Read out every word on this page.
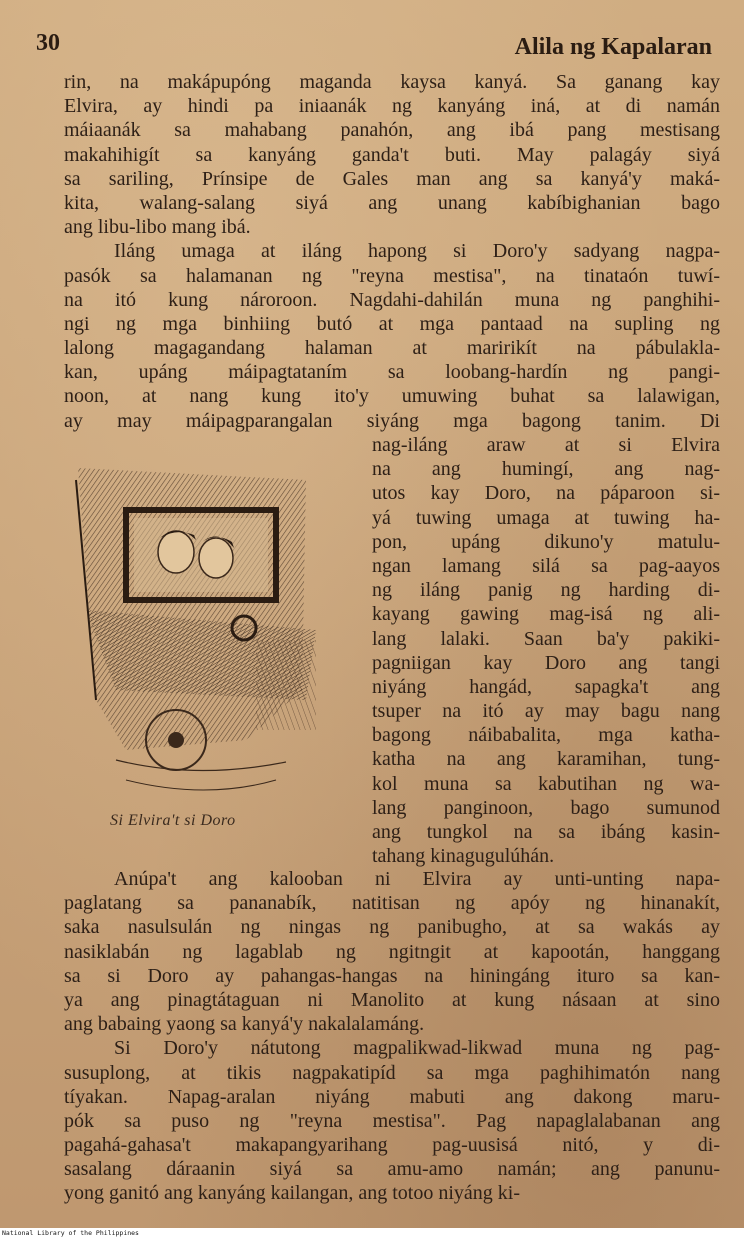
30	Alila ng Kapalaran
rin, na makápupóng maganda kaysa kanyá. Sa ganang kay
Elvira, ay hindi pa iniaanák ng kanyáng iná, at di namán
máiaanák sa mahabang panahón, ang ibá pang mestisang
makahihigít sa kanyáng ganda't buti. May palagáy siyá
sa sariling, Prínsipe de Gales man ang sa kanyá'y maká-
kita, walang-salang siyá ang unang kabíbighanian bago
ang libu-libo mang ibá.
Iláng umaga at iláng hapong si Doro'y sadyang nagpa-
pasók sa halamanan ng "reyna mestisa", na tinataón tuwí-
na itó kung nároroon. Nagdahi-dahilán muna ng panghihi-
ngi ng mga binhiing butó at mga pantaad na supling ng
lalong magagandang halaman at maririkít na pábulakla-
kan, upáng máipagtataním sa loobang-hardín ng pangi-
noon, at nang kung ito'y umuwing buhat sa lalawigan,
ay may máipagparangalan siyáng mga bagong tanim. Di
nag-iláng araw at si Elvira
na ang humingí, ang nag-
utos kay Doro, na páparoon si-
yá tuwing umaga at tuwing ha-
pon, upáng dikuno'y matulu-
ngan lamang silá sa pag-aayos
ng iláng panig ng harding di-
kayang gawing mag-isá ng ali-
lang lalaki. Saan ba'y pakiki-
pagniigan kay Doro ang tangi
niyáng hangád, sapagka't ang
tsuper na itó ay may bagu nang
bagong náibabalita, mga katha-
katha na ang karamihan, tung-
kol muna sa kabutihan ng wa-
lang panginoon, bago sumunod
ang tungkol na sa ibáng kasin-
tahang kinagugulúhán.
Si Elvira't si Doro
Anúpa't ang kalooban ni Elvira ay unti-unting napa-
paglatang sa pananabík, natitisan ng apóy ng hinanakít,
saka nasulsulán ng ningas ng panibugho, at sa wakás ay
nasiklabán ng lagablab ng ngitngit at kapootán, hanggang
sa si Doro ay pahangas-hangas na hiningáng ituro sa kan-
ya ang pinagtátaguan ni Manolito at kung násaan at sino
ang babaing yaong sa kanyá'y nakalalamáng.
Si Doro'y nátutong magpalikwad-likwad muna ng pag-
susuplong, at tikis nagpakatipíd sa mga paghihimatón nang
tíyakan. Napag-aralan niyáng mabuti ang dakong maru-
pók sa puso ng "reyna mestisa". Pag napaglalabanan ang
pagahá-gahasa't makapangyarihang pag-uusisá nitó, y di-
sasalang dáraanin siyá sa amu-amo namán; ang panunu-
yong ganitó ang kanyáng kailangan, ang totoo niyáng ki-
National Library of the Philippines
